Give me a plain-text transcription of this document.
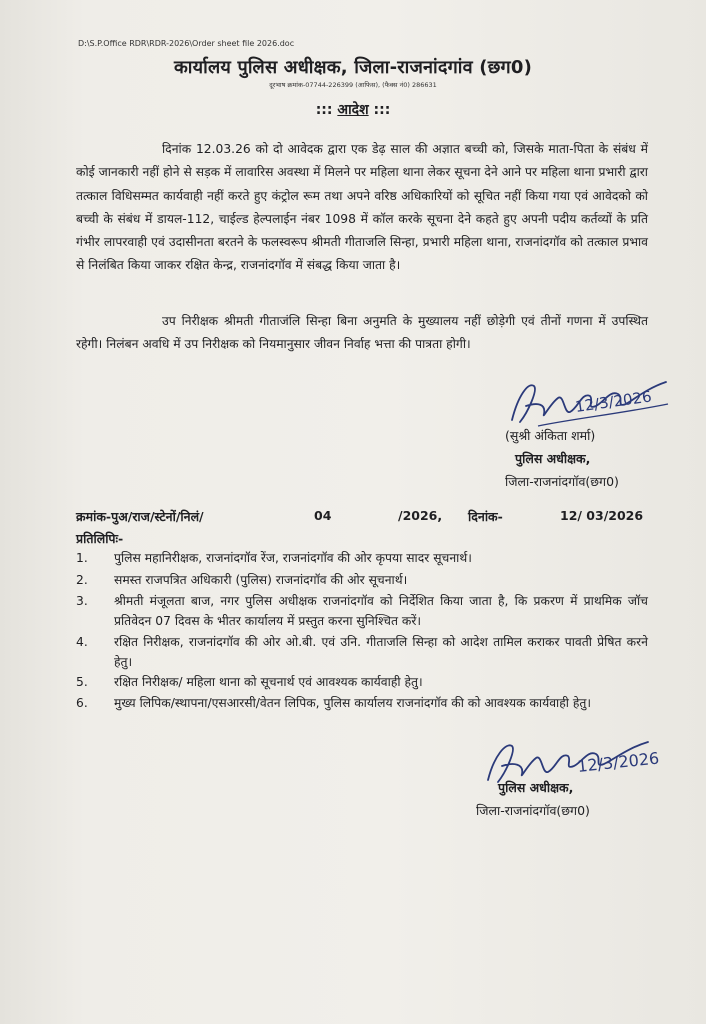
D:\S.P.Office RDR\RDR-2026\Order sheet file 2026.doc
कार्यालय पुलिस अधीक्षक, जिला-राजनांदगांव (छग0)
दूरभाष क्रमांक-07744-226399 (आफिस), (फैक्स नं0) 286631
::: आदेश :::

दिनांक 12.03.26 को दो आवेदक द्वारा एक डेढ़ साल की अज्ञात बच्ची को, जिसके माता-पिता के संबंध में कोई जानकारी नहीं होने से सड़क में लावारिस अवस्था में मिलने पर महिला थाना लेकर सूचना देने आने पर महिला थाना प्रभारी द्वारा तत्काल विधिसम्मत कार्यवाही नहीं करते हुए कंट्रोल रूम तथा अपने वरिष्ठ अधिकारियों को सूचित नहीं किया गया एवं आवेदको को बच्ची के संबंध में डायल-112, चाईल्ड हेल्पलाईन नंबर 1098 में कॉल करके सूचना देने कहते हुए अपनी पदीय कर्तव्यों के प्रति गंभीर लापरवाही एवं उदासीनता बरतने के फलस्वरूप श्रीमती गीताजलि सिन्हा, प्रभारी महिला थाना, राजनांदगॉव को तत्काल प्रभाव से निलंबित किया जाकर रक्षित केन्द्र, राजनांदगॉव में संबद्ध किया जाता है।

उप निरीक्षक श्रीमती गीताजंलि सिन्हा बिना अनुमति के मुख्यालय नहीं छोड़ेगी एवं तीनों गणना में उपस्थित रहेगी। निलंबन अवधि में उप निरीक्षक को नियमानुसार जीवन निर्वाह भत्ता की पात्रता होगी।

12/3/2026
(सुश्री अंकिता शर्मा)
पुलिस अधीक्षक,
जिला-राजनांदगॉव(छग0)
क्रमांक-पुअ/राज/स्टेनों/निलं/	04	/2026, दिनांक-	12/ 03/2026
प्रतिलिपिः-
1.	पुलिस महानिरीक्षक, राजनांदगॉव रेंज, राजनांदगॉव की ओर कृपया सादर सूचनार्थ।
2.	समस्त राजपत्रित अधिकारी (पुलिस) राजनांदगॉव की ओर सूचनार्थ।
3.	श्रीमती मंजूलता बाज, नगर पुलिस अधीक्षक राजनांदगॉव को निर्देशित किया जाता है, कि प्रकरण में प्राथमिक जॉच प्रतिवेदन 07 दिवस के भीतर कार्यालय में प्रस्तुत करना सुनिश्चित करें।
4.	रक्षित निरीक्षक, राजनांदगॉव की ओर ओ.बी. एवं उनि. गीताजलि सिन्हा को आदेश तामिल कराकर पावती प्रेषित करने हेतु।
5.	रक्षित निरीक्षक/ महिला थाना को सूचनार्थ एवं आवश्यक कार्यवाही हेतु।
6.	मुख्य लिपिक/स्थापना/एसआरसी/वेतन लिपिक, पुलिस कार्यालय राजनांदगॉव की को आवश्यक कार्यवाही हेतु।
12/3/2026
पुलिस अधीक्षक,
जिला-राजनांदगॉव(छग0)
